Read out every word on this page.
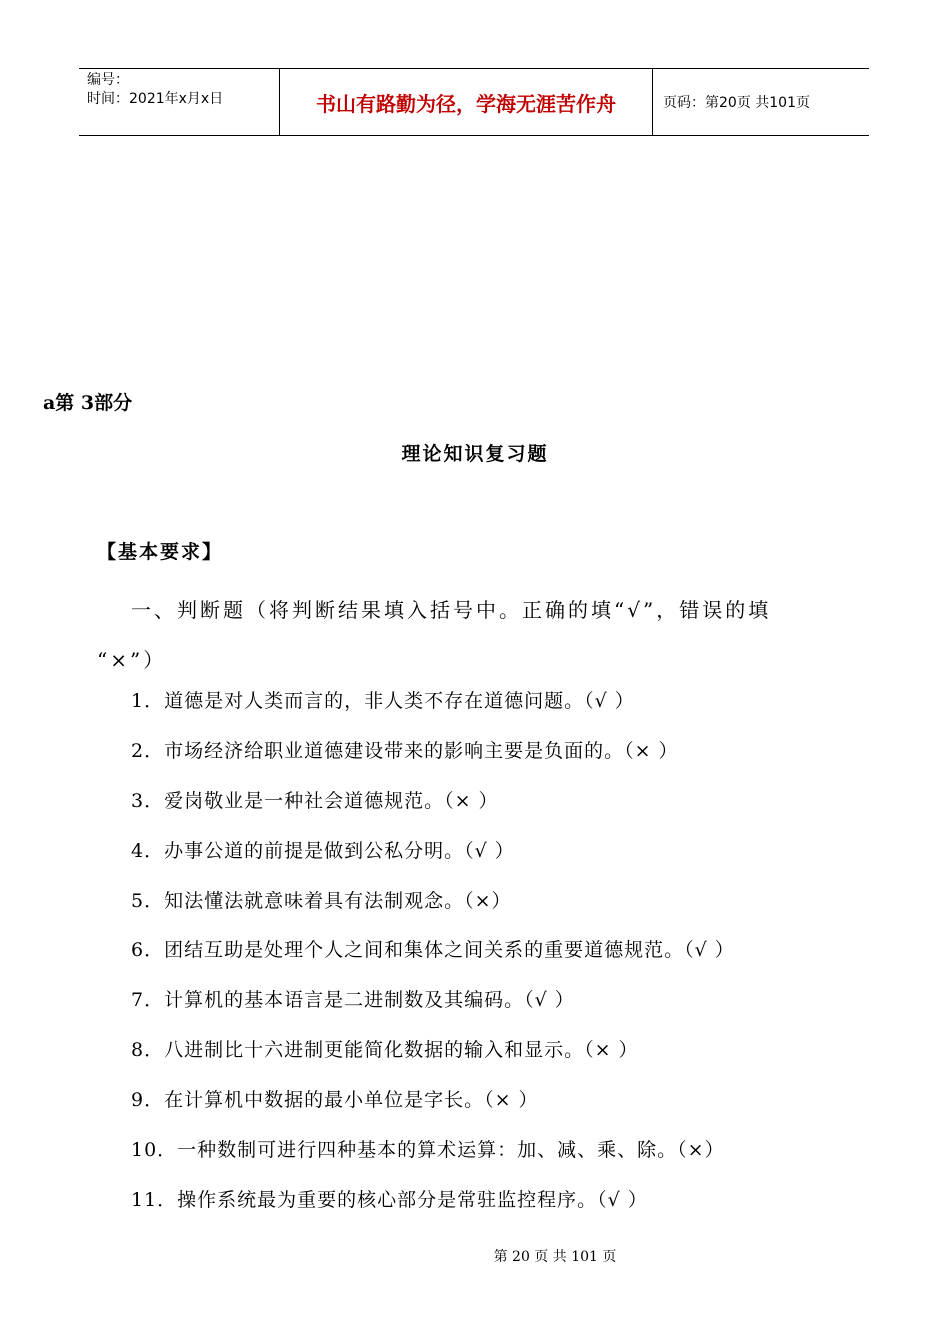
编号：
时间：2021年x月x日	书山有路勤为径，学海无涯苦作舟	页码：第20页 共101页
a第 3部分
理论知识复习题
【基本要求】
一、判断题（将判断结果填入括号中。正确的填“√”，错误的填
“×”）
1．道德是对人类而言的，非人类不存在道德问题。（√ ）
2．市场经济给职业道德建设带来的影响主要是负面的。（× ）
3．爱岗敬业是一种社会道德规范。（× ）
4．办事公道的前提是做到公私分明。（√ ）
5．知法懂法就意味着具有法制观念。（×）
6．团结互助是处理个人之间和集体之间关系的重要道德规范。（√ ）
7．计算机的基本语言是二进制数及其编码。（√ ）
8．八进制比十六进制更能简化数据的输入和显示。（× ）
9．在计算机中数据的最小单位是字长。（× ）
10．一种数制可进行四种基本的算术运算：加、减、乘、除。（×）
11．操作系统最为重要的核心部分是常驻监控程序。（√ ）
第 20 页 共 101 页
